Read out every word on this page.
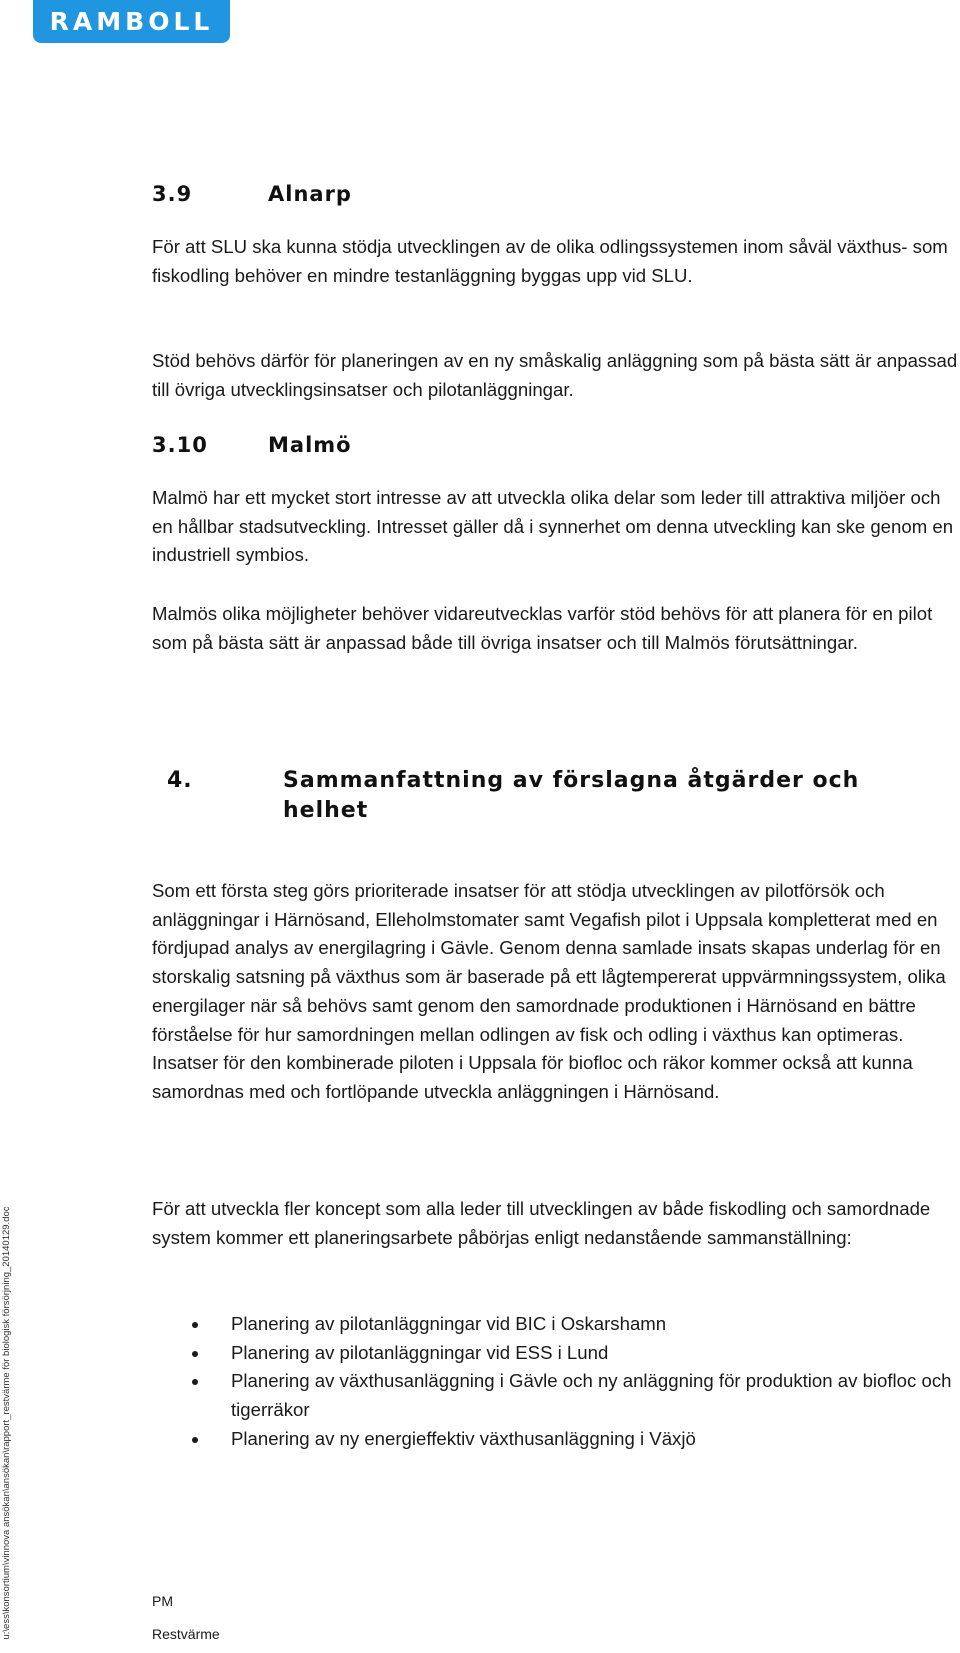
RAMBOLL
3.9	Alnarp

För att SLU ska kunna stödja utvecklingen av de olika odlingssystemen inom såväl växthus- som fiskodling behöver en mindre testanläggning byggas upp vid SLU.

Stöd behövs därför för planeringen av en ny småskalig anläggning som på bästa sätt är anpassad till övriga utvecklingsinsatser och pilotanläggningar.

3.10	Malmö

Malmö har ett mycket stort intresse av att utveckla olika delar som leder till attraktiva miljöer och en hållbar stadsutveckling. Intresset gäller då i synnerhet om denna utveckling kan ske genom en industriell symbios.

Malmös olika möjligheter behöver vidareutvecklas varför stöd behövs för att planera för en pilot som på bästa sätt är anpassad både till övriga insatser och till Malmös förutsättningar.

4.	Sammanfattning av förslagna åtgärder och
helhet

Som ett första steg görs prioriterade insatser för att stödja utvecklingen av pilotförsök och anläggningar i Härnösand, Elleholmstomater samt Vegafish pilot i Uppsala kompletterat med en fördjupad analys av energilagring i Gävle. Genom denna samlade insats skapas underlag för en storskalig satsning på växthus som är baserade på ett lågtempererat uppvärmningssystem, olika energilager när så behövs samt genom den samordnade produktionen i Härnösand en bättre förståelse för hur samordningen mellan odlingen av fisk och odling i växthus kan optimeras. Insatser för den kombinerade piloten i Uppsala för biofloc och räkor kommer också att kunna samordnas med och fortlöpande utveckla anläggningen i Härnösand.

För att utveckla fler koncept som alla leder till utvecklingen av både fiskodling och samordnade system kommer ett planeringsarbete påbörjas enligt nedanstående sammanställning:

Planering av pilotanläggningar vid BIC i Oskarshamn
Planering av pilotanläggningar vid ESS i Lund
Planering av växthusanläggning i Gävle och ny anläggning för produktion av biofloc och tigerräkor
Planering av ny energieffektiv växthusanläggning i Växjö
u:\ess\konsortium\vinnova ansökan\ansökan\rapport_restvärme för biologisk försörjning_20140129.doc	PM
Restvärme
